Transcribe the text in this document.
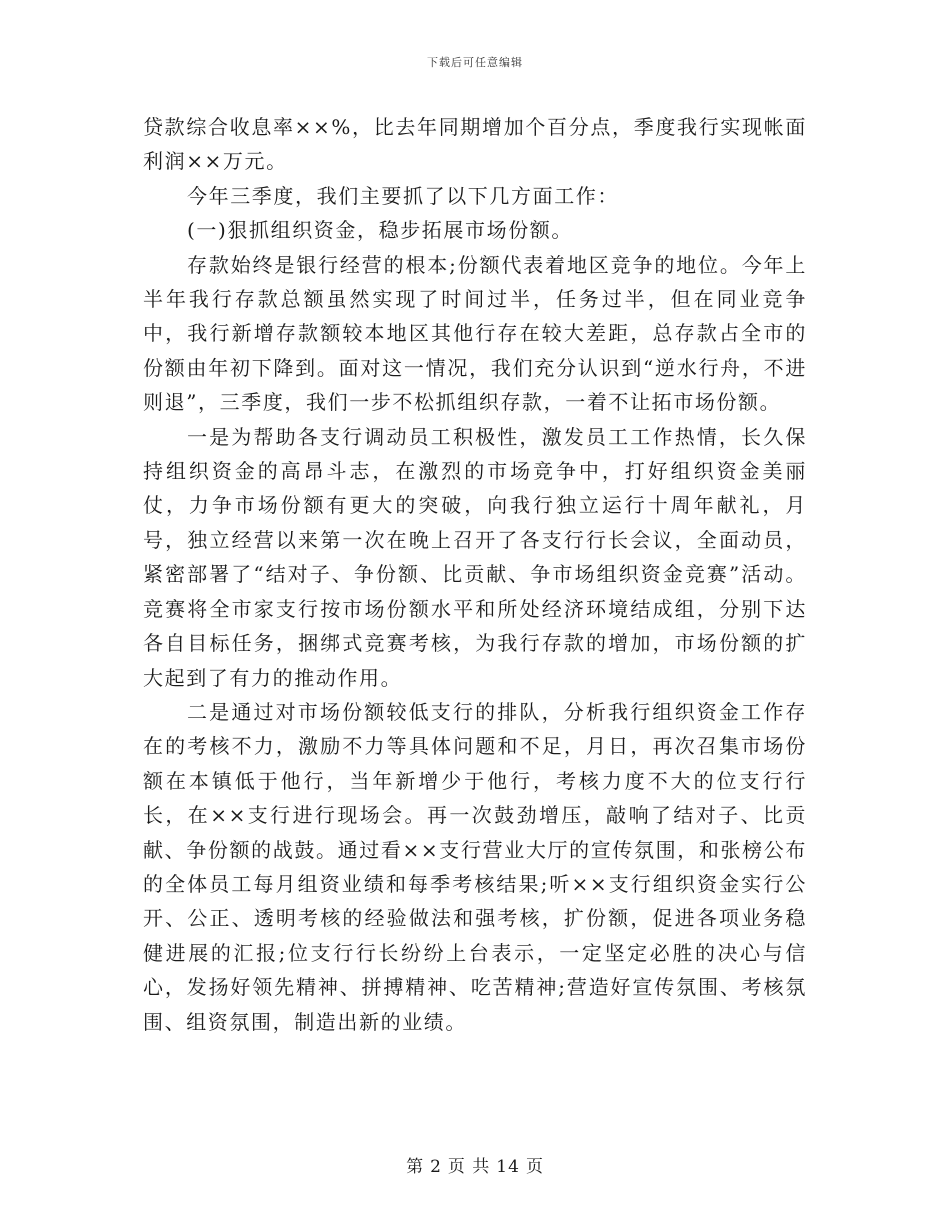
下载后可任意编辑

贷款综合收息率××%，比去年同期增加个百分点，季度我行实现帐面利润××万元。

今年三季度，我们主要抓了以下几方面工作：

(一)狠抓组织资金，稳步拓展市场份额。

存款始终是银行经营的根本;份额代表着地区竞争的地位。今年上半年我行存款总额虽然实现了时间过半，任务过半，但在同业竞争中，我行新增存款额较本地区其他行存在较大差距，总存款占全市的份额由年初下降到。面对这一情况，我们充分认识到“逆水行舟，不进则退”，三季度，我们一步不松抓组织存款，一着不让拓市场份额。

一是为帮助各支行调动员工积极性，激发员工工作热情，长久保持组织资金的高昂斗志，在激烈的市场竞争中，打好组织资金美丽仗，力争市场份额有更大的突破，向我行独立运行十周年献礼，月号，独立经营以来第一次在晚上召开了各支行行长会议，全面动员，紧密部署了“结对子、争份额、比贡献、争市场组织资金竞赛”活动。竞赛将全市家支行按市场份额水平和所处经济环境结成组，分别下达各自目标任务，捆绑式竞赛考核，为我行存款的增加，市场份额的扩大起到了有力的推动作用。

二是通过对市场份额较低支行的排队，分析我行组织资金工作存在的考核不力，激励不力等具体问题和不足，月日，再次召集市场份额在本镇低于他行，当年新增少于他行，考核力度不大的位支行行长，在××支行进行现场会。再一次鼓劲增压，敲响了结对子、比贡献、争份额的战鼓。通过看××支行营业大厅的宣传氛围，和张榜公布的全体员工每月组资业绩和每季考核结果;听××支行组织资金实行公开、公正、透明考核的经验做法和强考核，扩份额，促进各项业务稳健进展的汇报;位支行行长纷纷上台表示，一定坚定必胜的决心与信心，发扬好领先精神、拼搏精神、吃苦精神;营造好宣传氛围、考核氛围、组资氛围，制造出新的业绩。

第 2 页 共 14 页
